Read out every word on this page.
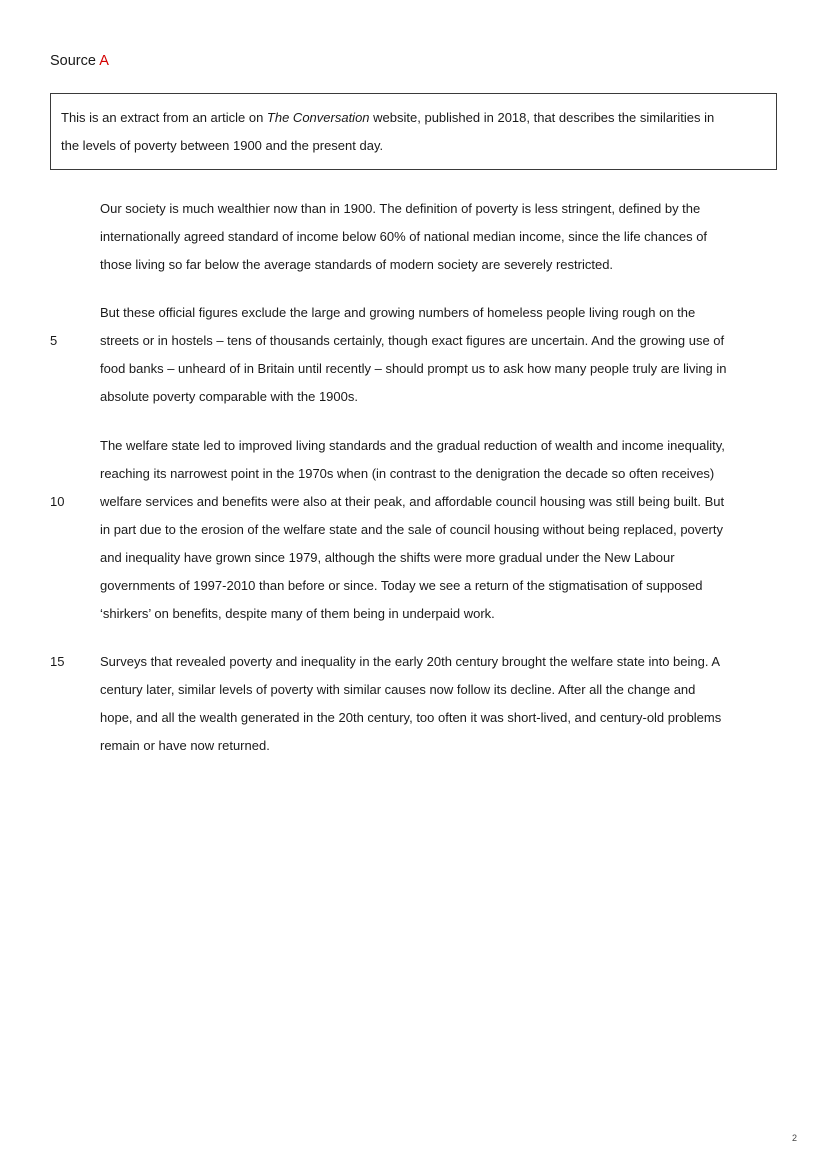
Source A
This is an extract from an article on The Conversation website, published in 2018, that describes the similarities in
the levels of poverty between 1900 and the present day.
Our society is much wealthier now than in 1900. The definition of poverty is less stringent, defined by the
internationally agreed standard of income below 60% of national median income, since the life chances of
those living so far below the average standards of modern society are severely restricted.
But these official figures exclude the large and growing numbers of homeless people living rough on the
streets or in hostels – tens of thousands certainly, though exact figures are uncertain. And the growing use of
food banks – unheard of in Britain until recently – should prompt us to ask how many people truly are living in
absolute poverty comparable with the 1900s.
The welfare state led to improved living standards and the gradual reduction of wealth and income inequality,
reaching its narrowest point in the 1970s when (in contrast to the denigration the decade so often receives)
welfare services and benefits were also at their peak, and affordable council housing was still being built. But
in part due to the erosion of the welfare state and the sale of council housing without being replaced, poverty
and inequality have grown since 1979, although the shifts were more gradual under the New Labour
governments of 1997-2010 than before or since. Today we see a return of the stigmatisation of supposed
‘shirkers’ on benefits, despite many of them being in underpaid work.
Surveys that revealed poverty and inequality in the early 20th century brought the welfare state into being. A
century later, similar levels of poverty with similar causes now follow its decline. After all the change and
hope, and all the wealth generated in the 20th century, too often it was short-lived, and century-old problems
remain or have now returned.
5
10
15
2
